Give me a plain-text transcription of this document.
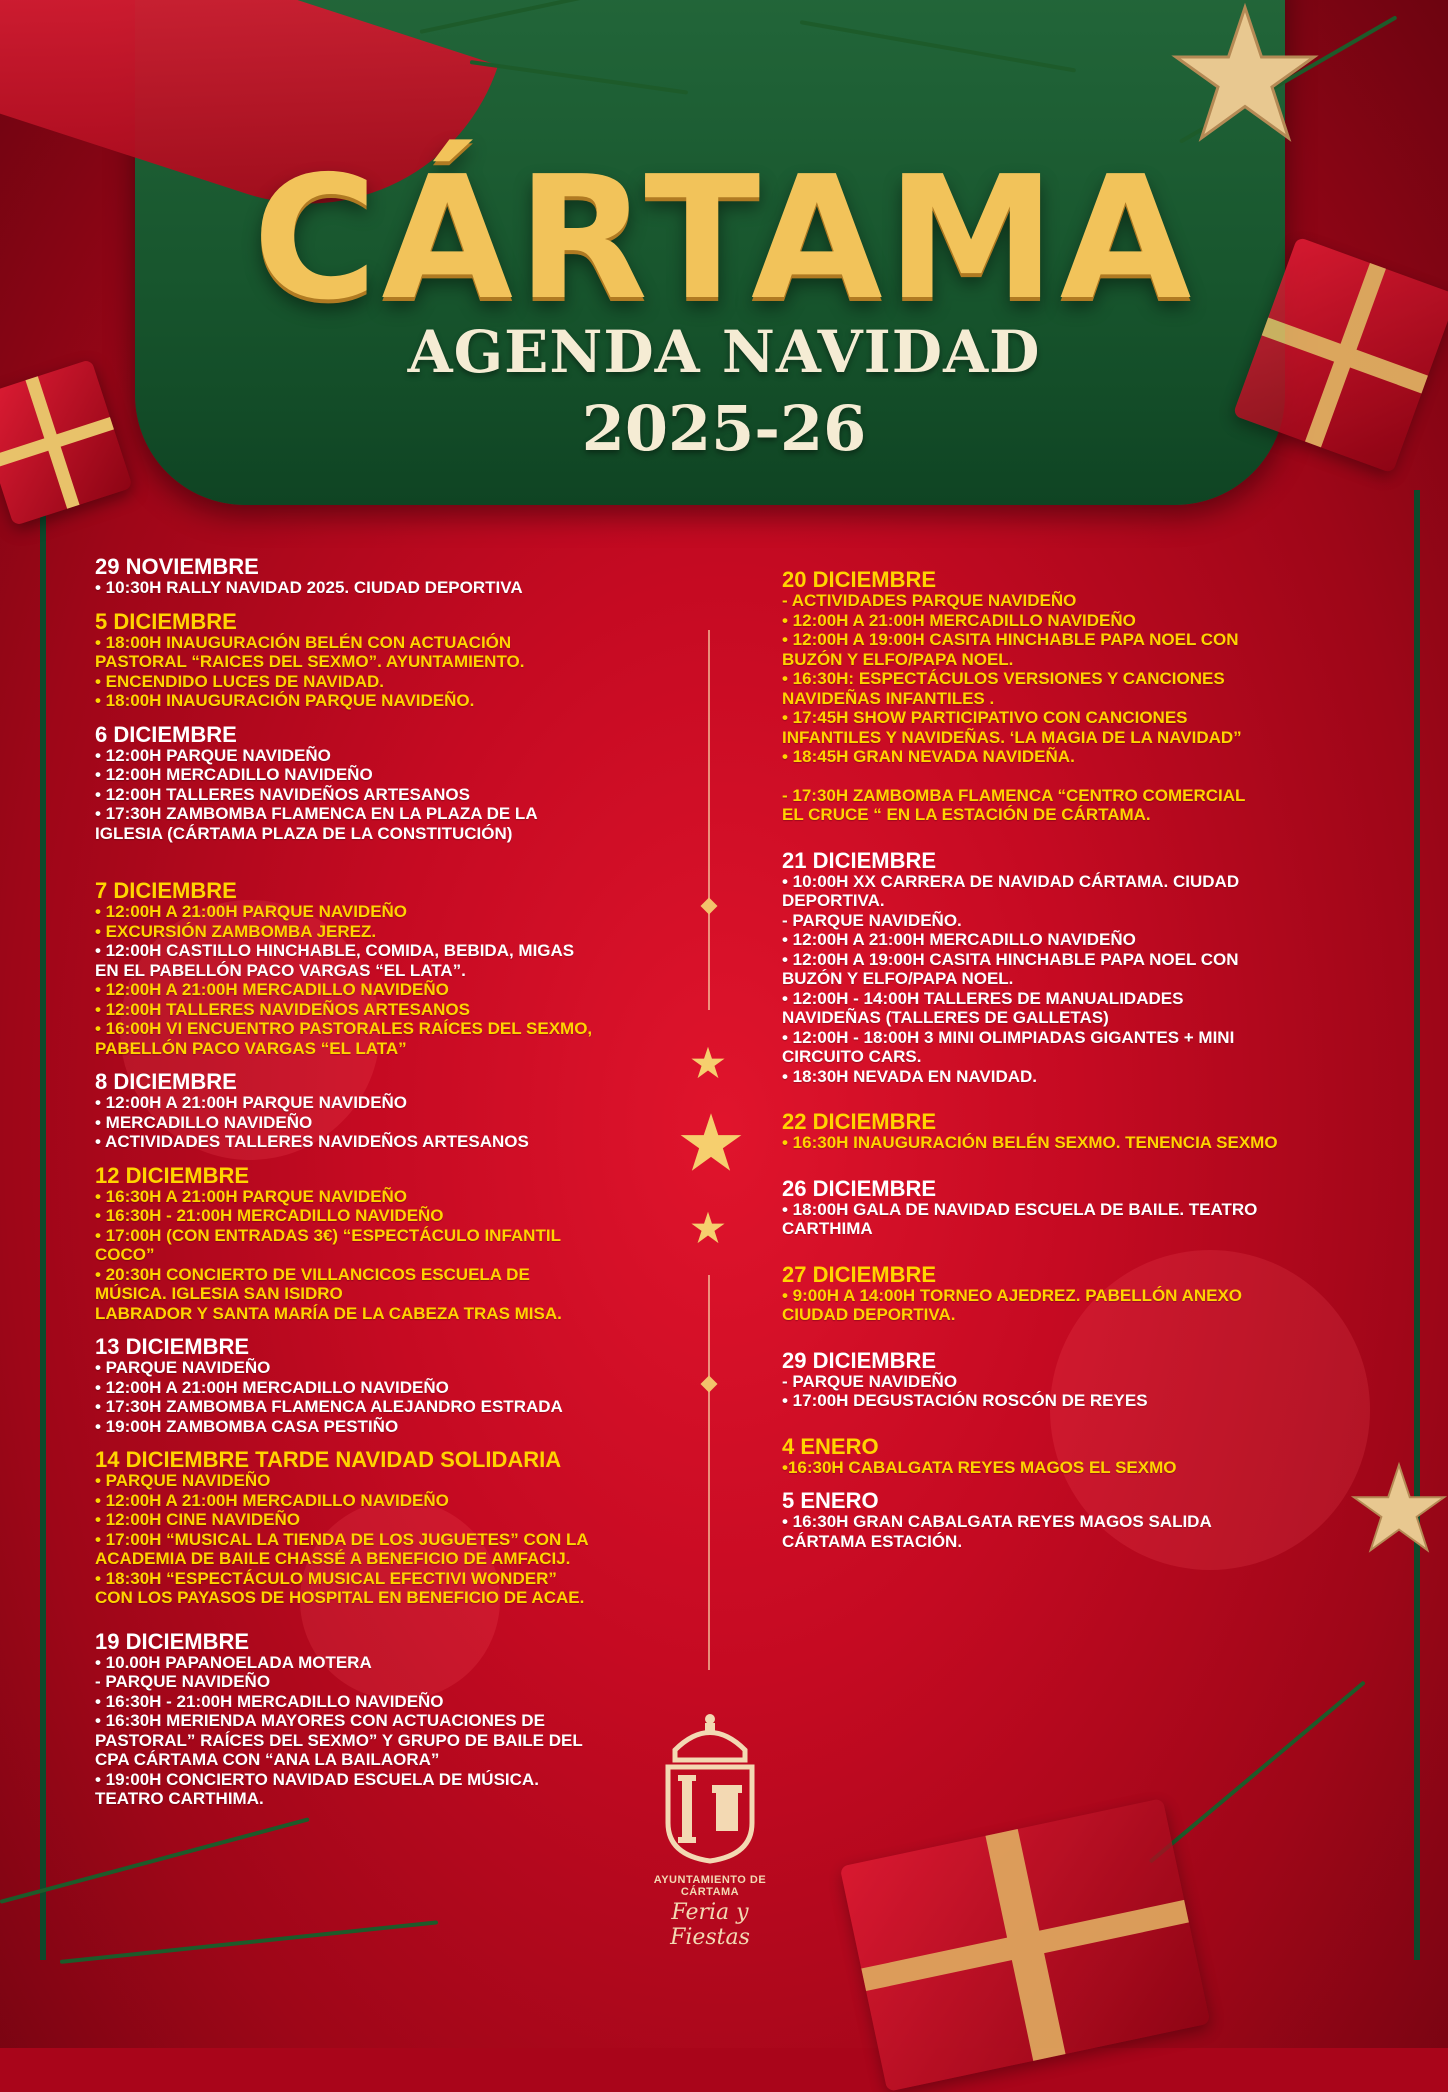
CÁRTAMA
AGENDA NAVIDAD
2025-26
29 NOVIEMBRE
• 10:30H RALLY NAVIDAD 2025. CIUDAD DEPORTIVA
5 DICIEMBRE
• 18:00H INAUGURACIÓN BELÉN CON ACTUACIÓN
PASTORAL “RAICES DEL SEXMO”. AYUNTAMIENTO.
• ENCENDIDO LUCES DE NAVIDAD.
• 18:00H INAUGURACIÓN PARQUE NAVIDEÑO.
6 DICIEMBRE
• 12:00H PARQUE NAVIDEÑO
• 12:00H MERCADILLO NAVIDEÑO
• 12:00H TALLERES NAVIDEÑOS ARTESANOS
• 17:30H ZAMBOMBA FLAMENCA EN LA PLAZA DE LA
IGLESIA (CÁRTAMA PLAZA DE LA CONSTITUCIÓN)
7 DICIEMBRE
• 12:00H A 21:00H PARQUE NAVIDEÑO
• EXCURSIÓN ZAMBOMBA JEREZ.
• 12:00H CASTILLO HINCHABLE, COMIDA, BEBIDA, MIGAS
EN EL PABELLÓN PACO VARGAS “EL LATA”.
• 12:00H A 21:00H MERCADILLO NAVIDEÑO
• 12:00H TALLERES NAVIDEÑOS ARTESANOS
• 16:00H VI ENCUENTRO PASTORALES RAÍCES DEL SEXMO,
PABELLÓN PACO VARGAS “EL LATA”
8 DICIEMBRE
• 12:00H A 21:00H PARQUE NAVIDEÑO
• MERCADILLO NAVIDEÑO
• ACTIVIDADES TALLERES NAVIDEÑOS ARTESANOS
12 DICIEMBRE
• 16:30H A 21:00H PARQUE NAVIDEÑO
• 16:30H - 21:00H MERCADILLO NAVIDEÑO
• 17:00H (CON ENTRADAS 3€) “ESPECTÁCULO INFANTIL
COCO”
• 20:30H CONCIERTO DE VILLANCICOS ESCUELA DE
MÚSICA. IGLESIA SAN ISIDRO
LABRADOR Y SANTA MARÍA DE LA CABEZA TRAS MISA.
13 DICIEMBRE
• PARQUE NAVIDEÑO
• 12:00H A 21:00H MERCADILLO NAVIDEÑO
• 17:30H ZAMBOMBA FLAMENCA ALEJANDRO ESTRADA
• 19:00H ZAMBOMBA CASA PESTIÑO
14 DICIEMBRE TARDE NAVIDAD SOLIDARIA
• PARQUE NAVIDEÑO
• 12:00H A 21:00H MERCADILLO NAVIDEÑO
• 12:00H CINE NAVIDEÑO
• 17:00H “MUSICAL LA TIENDA DE LOS JUGUETES” CON LA
ACADEMIA DE BAILE CHASSÉ A BENEFICIO DE AMFACIJ.
• 18:30H “ESPECTÁCULO MUSICAL EFECTIVI WONDER”
CON LOS PAYASOS DE HOSPITAL EN BENEFICIO DE ACAE.
19 DICIEMBRE
• 10.00H PAPANOELADA MOTERA
- PARQUE NAVIDEÑO
• 16:30H - 21:00H MERCADILLO NAVIDEÑO
• 16:30H MERIENDA MAYORES CON ACTUACIONES DE
PASTORAL” RAÍCES DEL SEXMO” Y GRUPO DE BAILE DEL
CPA CÁRTAMA CON “ANA LA BAILAORA”
• 19:00H CONCIERTO NAVIDAD ESCUELA DE MÚSICA.
TEATRO CARTHIMA.
20 DICIEMBRE
- ACTIVIDADES PARQUE NAVIDEÑO
• 12:00H A 21:00H MERCADILLO NAVIDEÑO
• 12:00H A 19:00H CASITA HINCHABLE PAPA NOEL CON
BUZÓN Y ELFO/PAPA NOEL.
• 16:30H: ESPECTÁCULOS VERSIONES Y CANCIONES
NAVIDEÑAS INFANTILES .
• 17:45H SHOW PARTICIPATIVO CON CANCIONES
INFANTILES Y NAVIDEÑAS. ‘LA MAGIA DE LA NAVIDAD”
• 18:45H GRAN NEVADA NAVIDEÑA.
- 17:30H ZAMBOMBA FLAMENCA “CENTRO COMERCIAL
EL CRUCE “ EN LA ESTACIÓN DE CÁRTAMA.
21 DICIEMBRE
• 10:00H XX CARRERA DE NAVIDAD CÁRTAMA. CIUDAD
DEPORTIVA.
- PARQUE NAVIDEÑO.
• 12:00H A 21:00H MERCADILLO NAVIDEÑO
• 12:00H A 19:00H CASITA HINCHABLE PAPA NOEL CON
BUZÓN Y ELFO/PAPA NOEL.
• 12:00H - 14:00H TALLERES DE MANUALIDADES
NAVIDEÑAS (TALLERES DE GALLETAS)
• 12:00H - 18:00H 3 MINI OLIMPIADAS GIGANTES + MINI
CIRCUITO CARS.
• 18:30H NEVADA EN NAVIDAD.
22 DICIEMBRE
• 16:30H INAUGURACIÓN BELÉN SEXMO. TENENCIA SEXMO
26 DICIEMBRE
• 18:00H GALA DE NAVIDAD ESCUELA DE BAILE. TEATRO
CARTHIMA
27 DICIEMBRE
• 9:00H A 14:00H TORNEO AJEDREZ. PABELLÓN ANEXO
CIUDAD DEPORTIVA.
29 DICIEMBRE
- PARQUE NAVIDEÑO
• 17:00H DEGUSTACIÓN ROSCÓN DE REYES
4 ENERO
•16:30H CABALGATA REYES MAGOS EL SEXMO
5 ENERO
• 16:30H GRAN CABALGATA REYES MAGOS SALIDA
CÁRTAMA ESTACIÓN.
AYUNTAMIENTO DE CÁRTAMA
Feria y Fiestas
